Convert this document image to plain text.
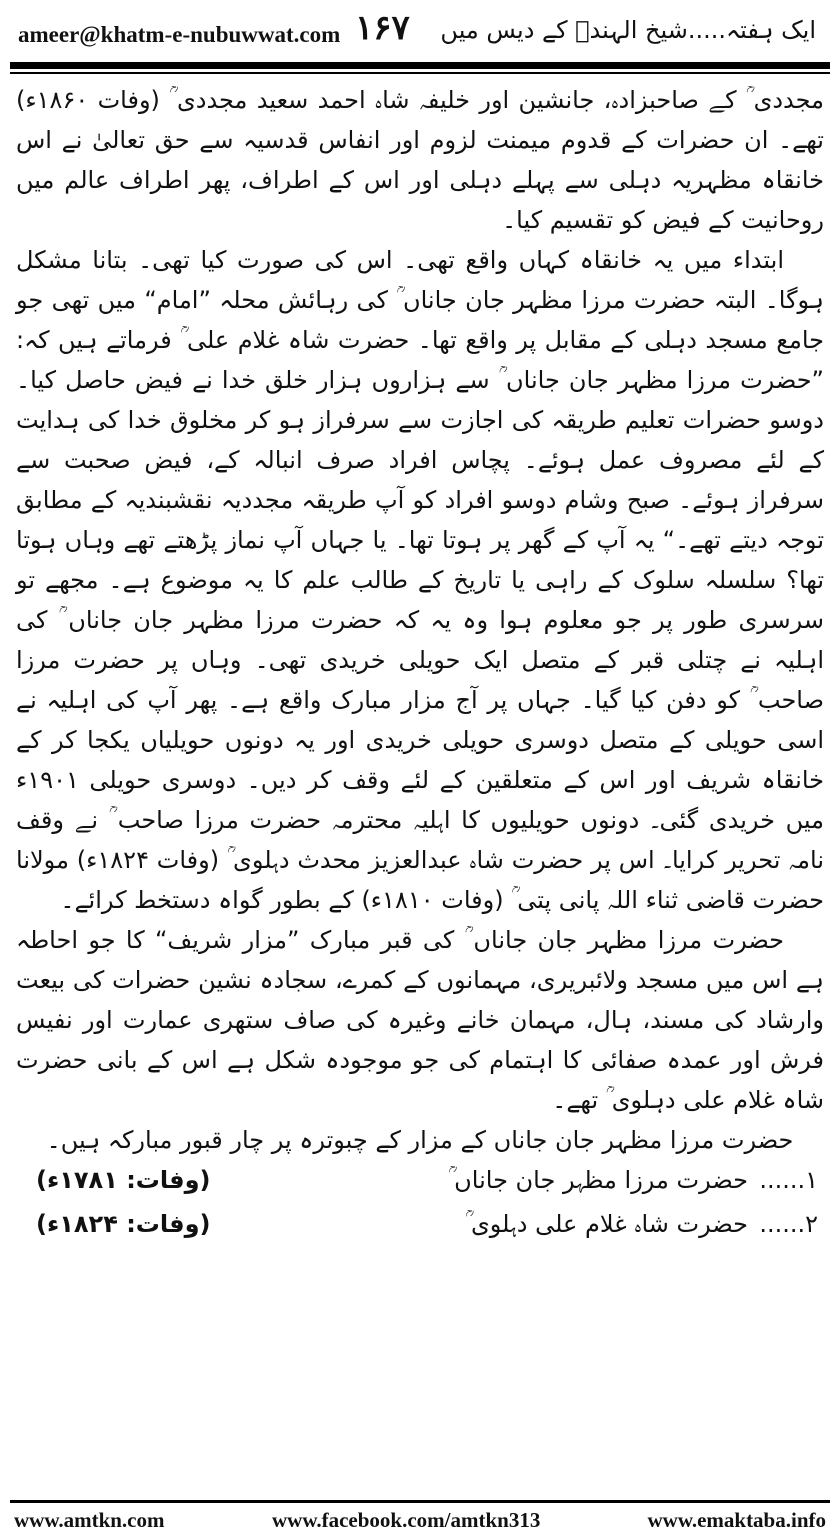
ameer@khatm-e-nubuwwat.com ۱۶۷ ایک ہفتہ.....شیخ الہندؒ کے دیس میں

مجددی ؒ کے صاحبزادہ، جانشین اور خلیفہ شاہ احمد سعید مجددی ؒ (وفات ۱۸۶۰ء) تھے۔ ان حضرات کے قدوم میمنت لزوم اور انفاس قدسیہ سے حق تعالیٰ نے اس خانقاہ مظہریہ دہلی سے پہلے دہلی اور اس کے اطراف، پھر اطراف عالم میں روحانیت کے فیض کو تقسیم کیا۔

ابتداء میں یہ خانقاہ کہاں واقع تھی۔ اس کی صورت کیا تھی۔ بتانا مشکل ہوگا۔ البتہ حضرت مرزا مظہر جان جاناں ؒ کی رہائش محلہ ”امام“ میں تھی جو جامع مسجد دہلی کے مقابل پر واقع تھا۔ حضرت شاہ غلام علی ؒ فرماتے ہیں کہ: ”حضرت مرزا مظہر جان جاناں ؒ سے ہزاروں ہزار خلق خدا نے فیض حاصل کیا۔ دوسو حضرات تعلیم طریقہ کی اجازت سے سرفراز ہو کر مخلوق خدا کی ہدایت کے لئے مصروف عمل ہوئے۔ پچاس افراد صرف انبالہ کے، فیض صحبت سے سرفراز ہوئے۔ صبح وشام دوسو افراد کو آپ طریقہ مجددیہ نقشبندیہ کے مطابق توجہ دیتے تھے۔“ یہ آپ کے گھر پر ہوتا تھا۔ یا جہاں آپ نماز پڑھتے تھے وہاں ہوتا تھا؟ سلسلہ سلوک کے راہی یا تاریخ کے طالب علم کا یہ موضوع ہے۔ مجھے تو سرسری طور پر جو معلوم ہوا وہ یہ کہ حضرت مرزا مظہر جان جاناں ؒ کی اہلیہ نے چتلی قبر کے متصل ایک حویلی خریدی تھی۔ وہاں پر حضرت مرزا صاحب ؒ کو دفن کیا گیا۔ جہاں پر آج مزار مبارک واقع ہے۔ پھر آپ کی اہلیہ نے اسی حویلی کے متصل دوسری حویلی خریدی اور یہ دونوں حویلیاں یکجا کر کے خانقاہ شریف اور اس کے متعلقین کے لئے وقف کر دیں۔ دوسری حویلی ۱۹۰۱ء میں خریدی گئی۔ دونوں حویلیوں کا اہلیہ محترمہ حضرت مرزا صاحب ؒ نے وقف نامہ تحریر کرایا۔ اس پر حضرت شاہ عبدالعزیز محدث دہلوی ؒ (وفات ۱۸۲۴ء) مولانا حضرت قاضی ثناء اللہ پانی پتی ؒ (وفات ۱۸۱۰ء) کے بطور گواہ دستخط کرائے۔

حضرت مرزا مظہر جان جاناں ؒ کی قبر مبارک ”مزار شریف“ کا جو احاطہ ہے اس میں مسجد ولائبریری، مہمانوں کے کمرے، سجادہ نشین حضرات کی بیعت وارشاد کی مسند، ہال، مہمان خانے وغیرہ کی صاف ستھری عمارت اور نفیس فرش اور عمدہ صفائی کا اہتمام کی جو موجودہ شکل ہے اس کے بانی حضرت شاہ غلام علی دہلوی ؒ تھے۔

حضرت مرزا مظہر جان جاناں کے مزار کے چبوترہ پر چار قبور مبارکہ ہیں۔

۱......
حضرت مرزا مظہر جان جاناں ؒ
(وفات: ۱۷۸۱ء)
۲......
حضرت شاہ غلام علی دہلوی ؒ
(وفات: ۱۸۲۴ء)
www.amtkn.com	www.facebook.com/amtkn313	www.emaktaba.info
